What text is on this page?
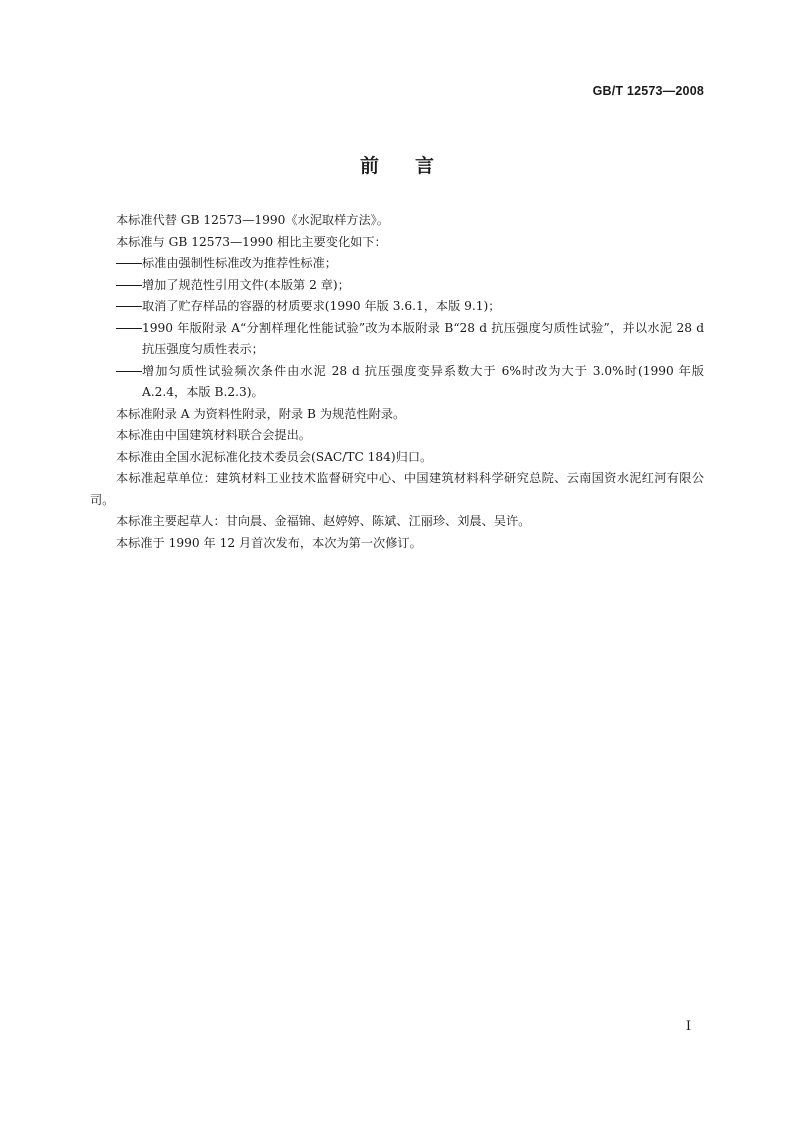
GB/T 12573—2008
前言

本标准代替 GB 12573—1990《水泥取样方法》。

本标准与 GB 12573—1990 相比主要变化如下：

标准由强制性标准改为推荐性标准；
增加了规范性引用文件(本版第 2 章)；
取消了贮存样品的容器的材质要求(1990 年版 3.6.1，本版 9.1)；
1990 年版附录 A“分割样理化性能试验”改为本版附录 B“28 d 抗压强度匀质性试验”，并以水泥 28 d 抗压强度匀质性表示；
增加匀质性试验频次条件由水泥 28 d 抗压强度变异系数大于 6%时改为大于 3.0%时(1990 年版 A.2.4，本版 B.2.3)。

本标准附录 A 为资料性附录，附录 B 为规范性附录。

本标准由中国建筑材料联合会提出。

本标准由全国水泥标准化技术委员会(SAC/TC 184)归口。

本标准起草单位：建筑材料工业技术监督研究中心、中国建筑材料科学研究总院、云南国资水泥红河有限公司。

本标准主要起草人：甘向晨、金福锦、赵婷婷、陈斌、江丽珍、刘晨、吴许。

本标准于 1990 年 12 月首次发布，本次为第一次修订。

I
